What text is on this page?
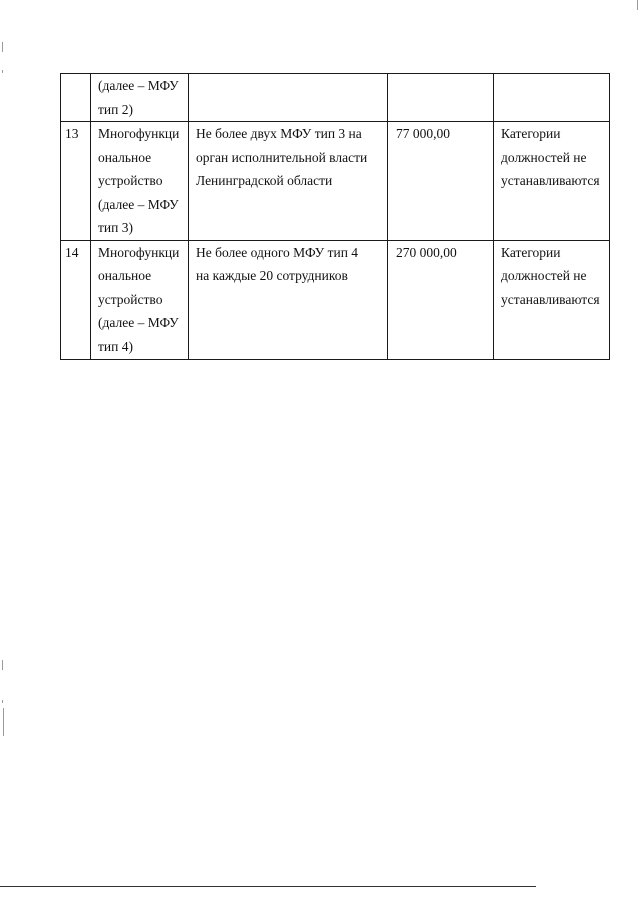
	(далее – МФУ
тип 2)			

13	Многофункци
ональное
устройство
(далее – МФУ
тип 3)	Не более двух МФУ тип 3 на
орган исполнительной власти
Ленинградской области	77 000,00	Категории
должностей не
устанавливаются

14	Многофункци
ональное
устройство
(далее – МФУ
тип 4)	Не более одного МФУ тип 4
на каждые 20 сотрудников	270 000,00	Категории
должностей не
устанавливаются
